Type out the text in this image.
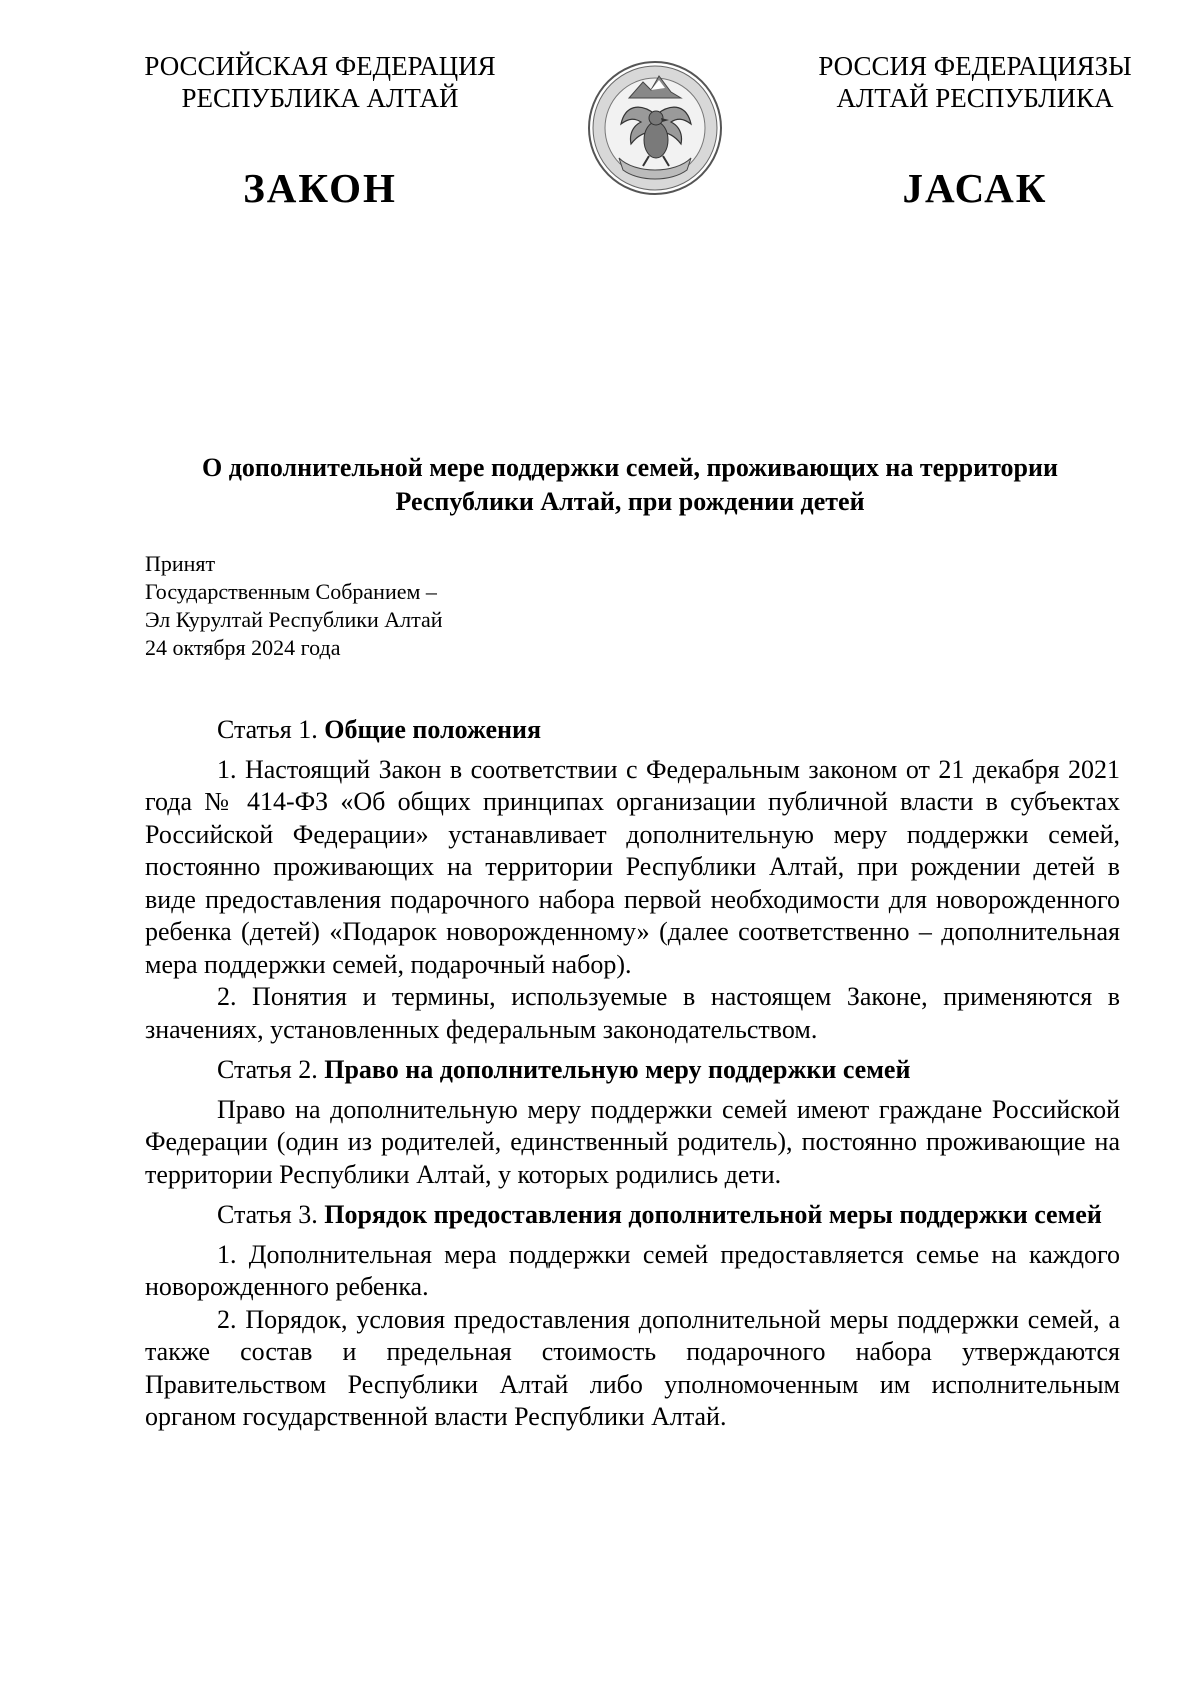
РОССИЙСКАЯ ФЕДЕРАЦИЯ
РЕСПУБЛИКА АЛТАЙ
РОССИЯ ФЕДЕРАЦИЯЗЫ
АЛТАЙ РЕСПУБЛИКА
ЗАКОН	ЈАСАК
О дополнительной мере поддержки семей, проживающих на территории
Республики Алтай, при рождении детей
Принят
Государственным Собранием –
Эл Курултай Республики Алтай
24 октября 2024 года

Статья 1. Общие положения

1. Настоящий Закон в соответствии с Федеральным законом от 21 декабря 2021 года № 414-ФЗ «Об общих принципах организации публичной власти в субъектах Российской Федерации» устанавливает дополнительную меру поддержки семей, постоянно проживающих на территории Республики Алтай, при рождении детей в виде предоставления подарочного набора первой необходимости для новорожденного ребенка (детей) «Подарок новорожденному» (далее соответственно – дополнительная мера поддержки семей, подарочный набор).

2. Понятия и термины, используемые в настоящем Законе, применяются в значениях, установленных федеральным законодательством.

Статья 2. Право на дополнительную меру поддержки семей

Право на дополнительную меру поддержки семей имеют граждане Российской Федерации (один из родителей, единственный родитель), постоянно проживающие на территории Республики Алтай, у которых родились дети.

Статья 3. Порядок предоставления дополнительной меры поддержки семей

1. Дополнительная мера поддержки семей предоставляется семье на каждого новорожденного ребенка.

2. Порядок, условия предоставления дополнительной меры поддержки семей, а также состав и предельная стоимость подарочного набора утверждаются Правительством Республики Алтай либо уполномоченным им исполнительным органом государственной власти Республики Алтай.
